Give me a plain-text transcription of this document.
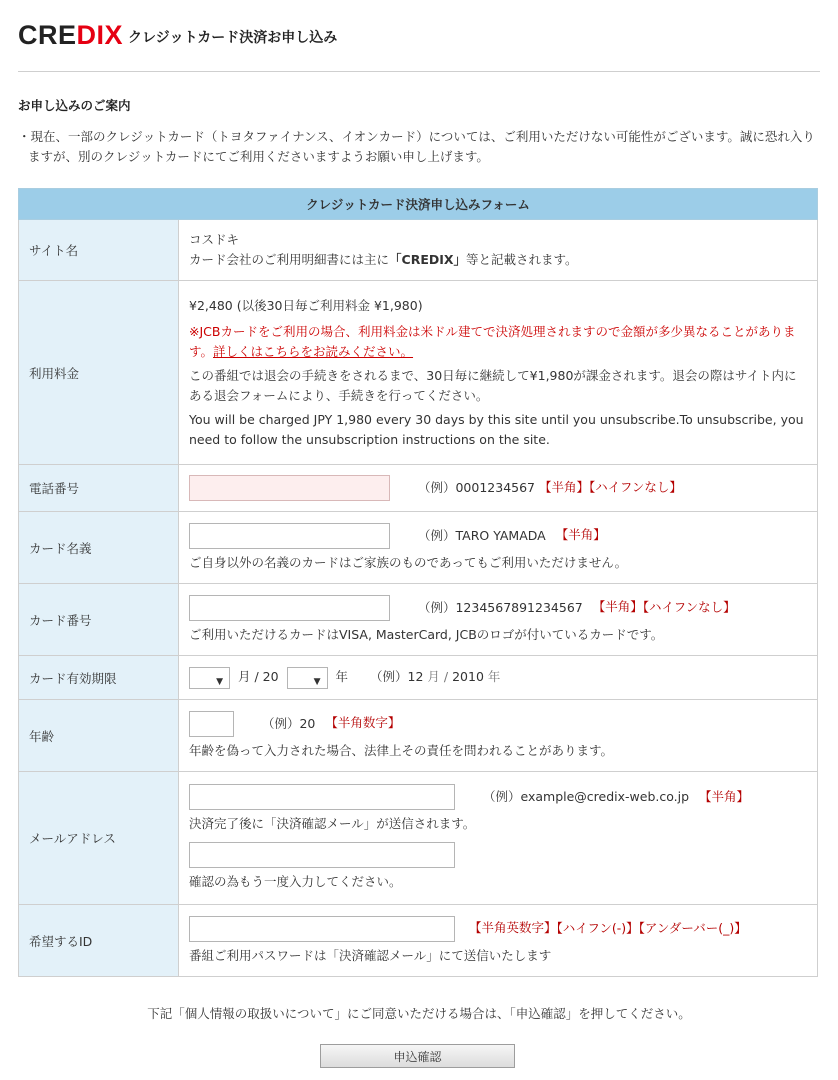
CREDIX クレジットカード決済お申し込み
お申し込みのご案内
・現在、一部のクレジットカード（トヨタファイナンス、イオンカード）については、ご利用いただけない可能性がございます。誠に恐れ入りますが、別のクレジットカードにてご利用くださいますようお願い申し上げます。
クレジットカード決済申し込みフォーム	
サイト名	コスドキ
カード会社のご利用明細書には主に「CREDIX」等と記載されます。

利用料金	¥2,480 (以後30日毎ご利用料金 ¥1,980)
※JCBカードをご利用の場合、利用料金は米ドル建てで決済処理されますので金額が多少異なることがあります。詳しくはこちらをお読みください。
この番組では退会の手続きをされるまで、30日毎に継続して¥1,980が課金されます。退会の際はサイト内にある退会フォームにより、手続きを行ってください。
You will be charged JPY 1,980 every 30 days by this site until you unsubscribe.To unsubscribe, you need to follow the unsubscription instructions on the site.

電話番号	（例）0001234567 【半角】【ハイフンなし】
カード名義	（例）TARO YAMADA 【半角】
ご自身以外の名義のカードはご家族のものであってもご利用いただけません。

カード番号	（例）1234567891234567 【半角】【ハイフンなし】
ご利用いただけるカードはVISA, MasterCard, JCBのロゴが付いているカードです。

カード有効期限	▼ 月 / 20 ▼ 年 （例）12 月 / 2010 年
年齢	（例）20 【半角数字】
年齢を偽って入力された場合、法律上その責任を問われることがあります。

メールアドレス	（例）example@credix-web.co.jp 【半角】
決済完了後に「決済確認メール」が送信されます。
確認の為もう一度入力してください。

希望するID	【半角英数字】【ハイフン(-)】【アンダーバー(_)】
番組ご利用パスワードは「決済確認メール」にて送信いたします
下記「個人情報の取扱いについて」にご同意いただける場合は、「申込確認」を押してください。
申込確認
